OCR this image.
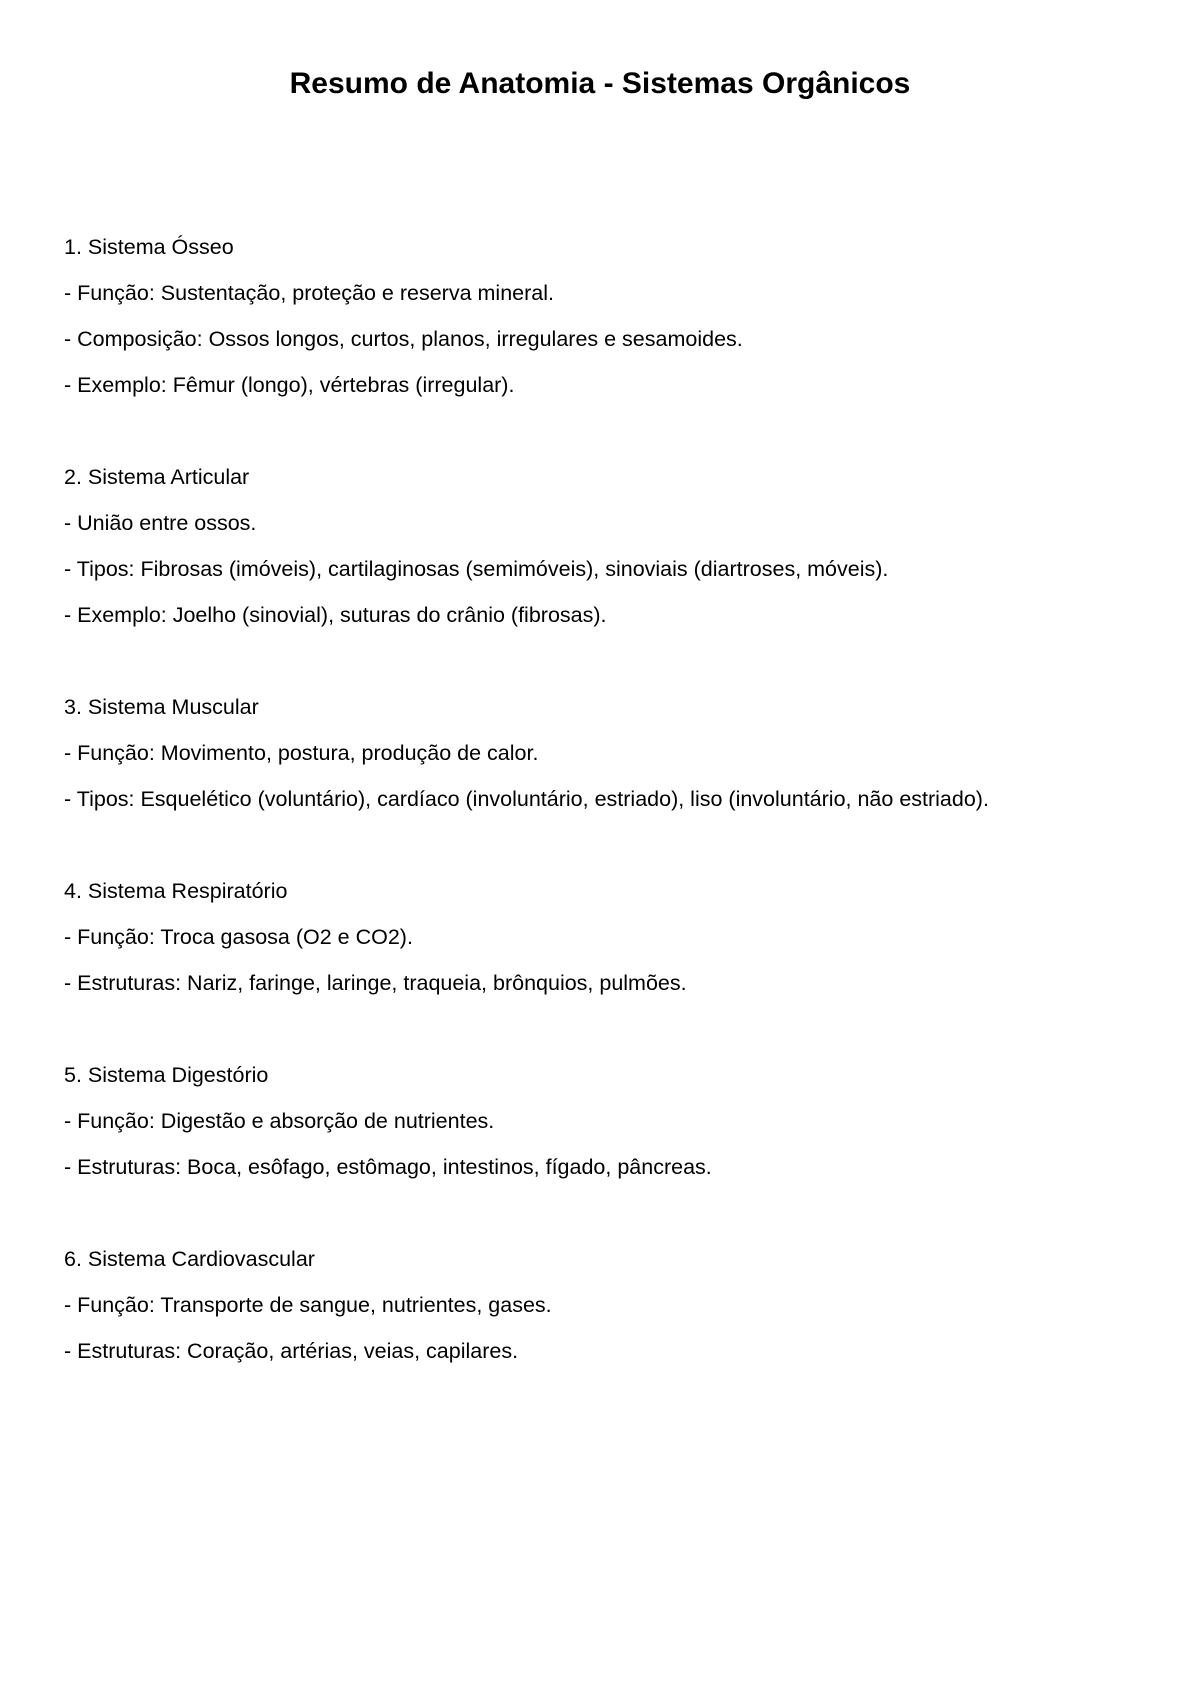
Resumo de Anatomia - Sistemas Orgânicos

1. Sistema Ósseo

- Função: Sustentação, proteção e reserva mineral.

- Composição: Ossos longos, curtos, planos, irregulares e sesamoides.

- Exemplo: Fêmur (longo), vértebras (irregular).

2. Sistema Articular

- União entre ossos.

- Tipos: Fibrosas (imóveis), cartilaginosas (semimóveis), sinoviais (diartroses, móveis).

- Exemplo: Joelho (sinovial), suturas do crânio (fibrosas).

3. Sistema Muscular

- Função: Movimento, postura, produção de calor.

- Tipos: Esquelético (voluntário), cardíaco (involuntário, estriado), liso (involuntário, não estriado).

4. Sistema Respiratório

- Função: Troca gasosa (O2 e CO2).

- Estruturas: Nariz, faringe, laringe, traqueia, brônquios, pulmões.

5. Sistema Digestório

- Função: Digestão e absorção de nutrientes.

- Estruturas: Boca, esôfago, estômago, intestinos, fígado, pâncreas.

6. Sistema Cardiovascular

- Função: Transporte de sangue, nutrientes, gases.

- Estruturas: Coração, artérias, veias, capilares.
